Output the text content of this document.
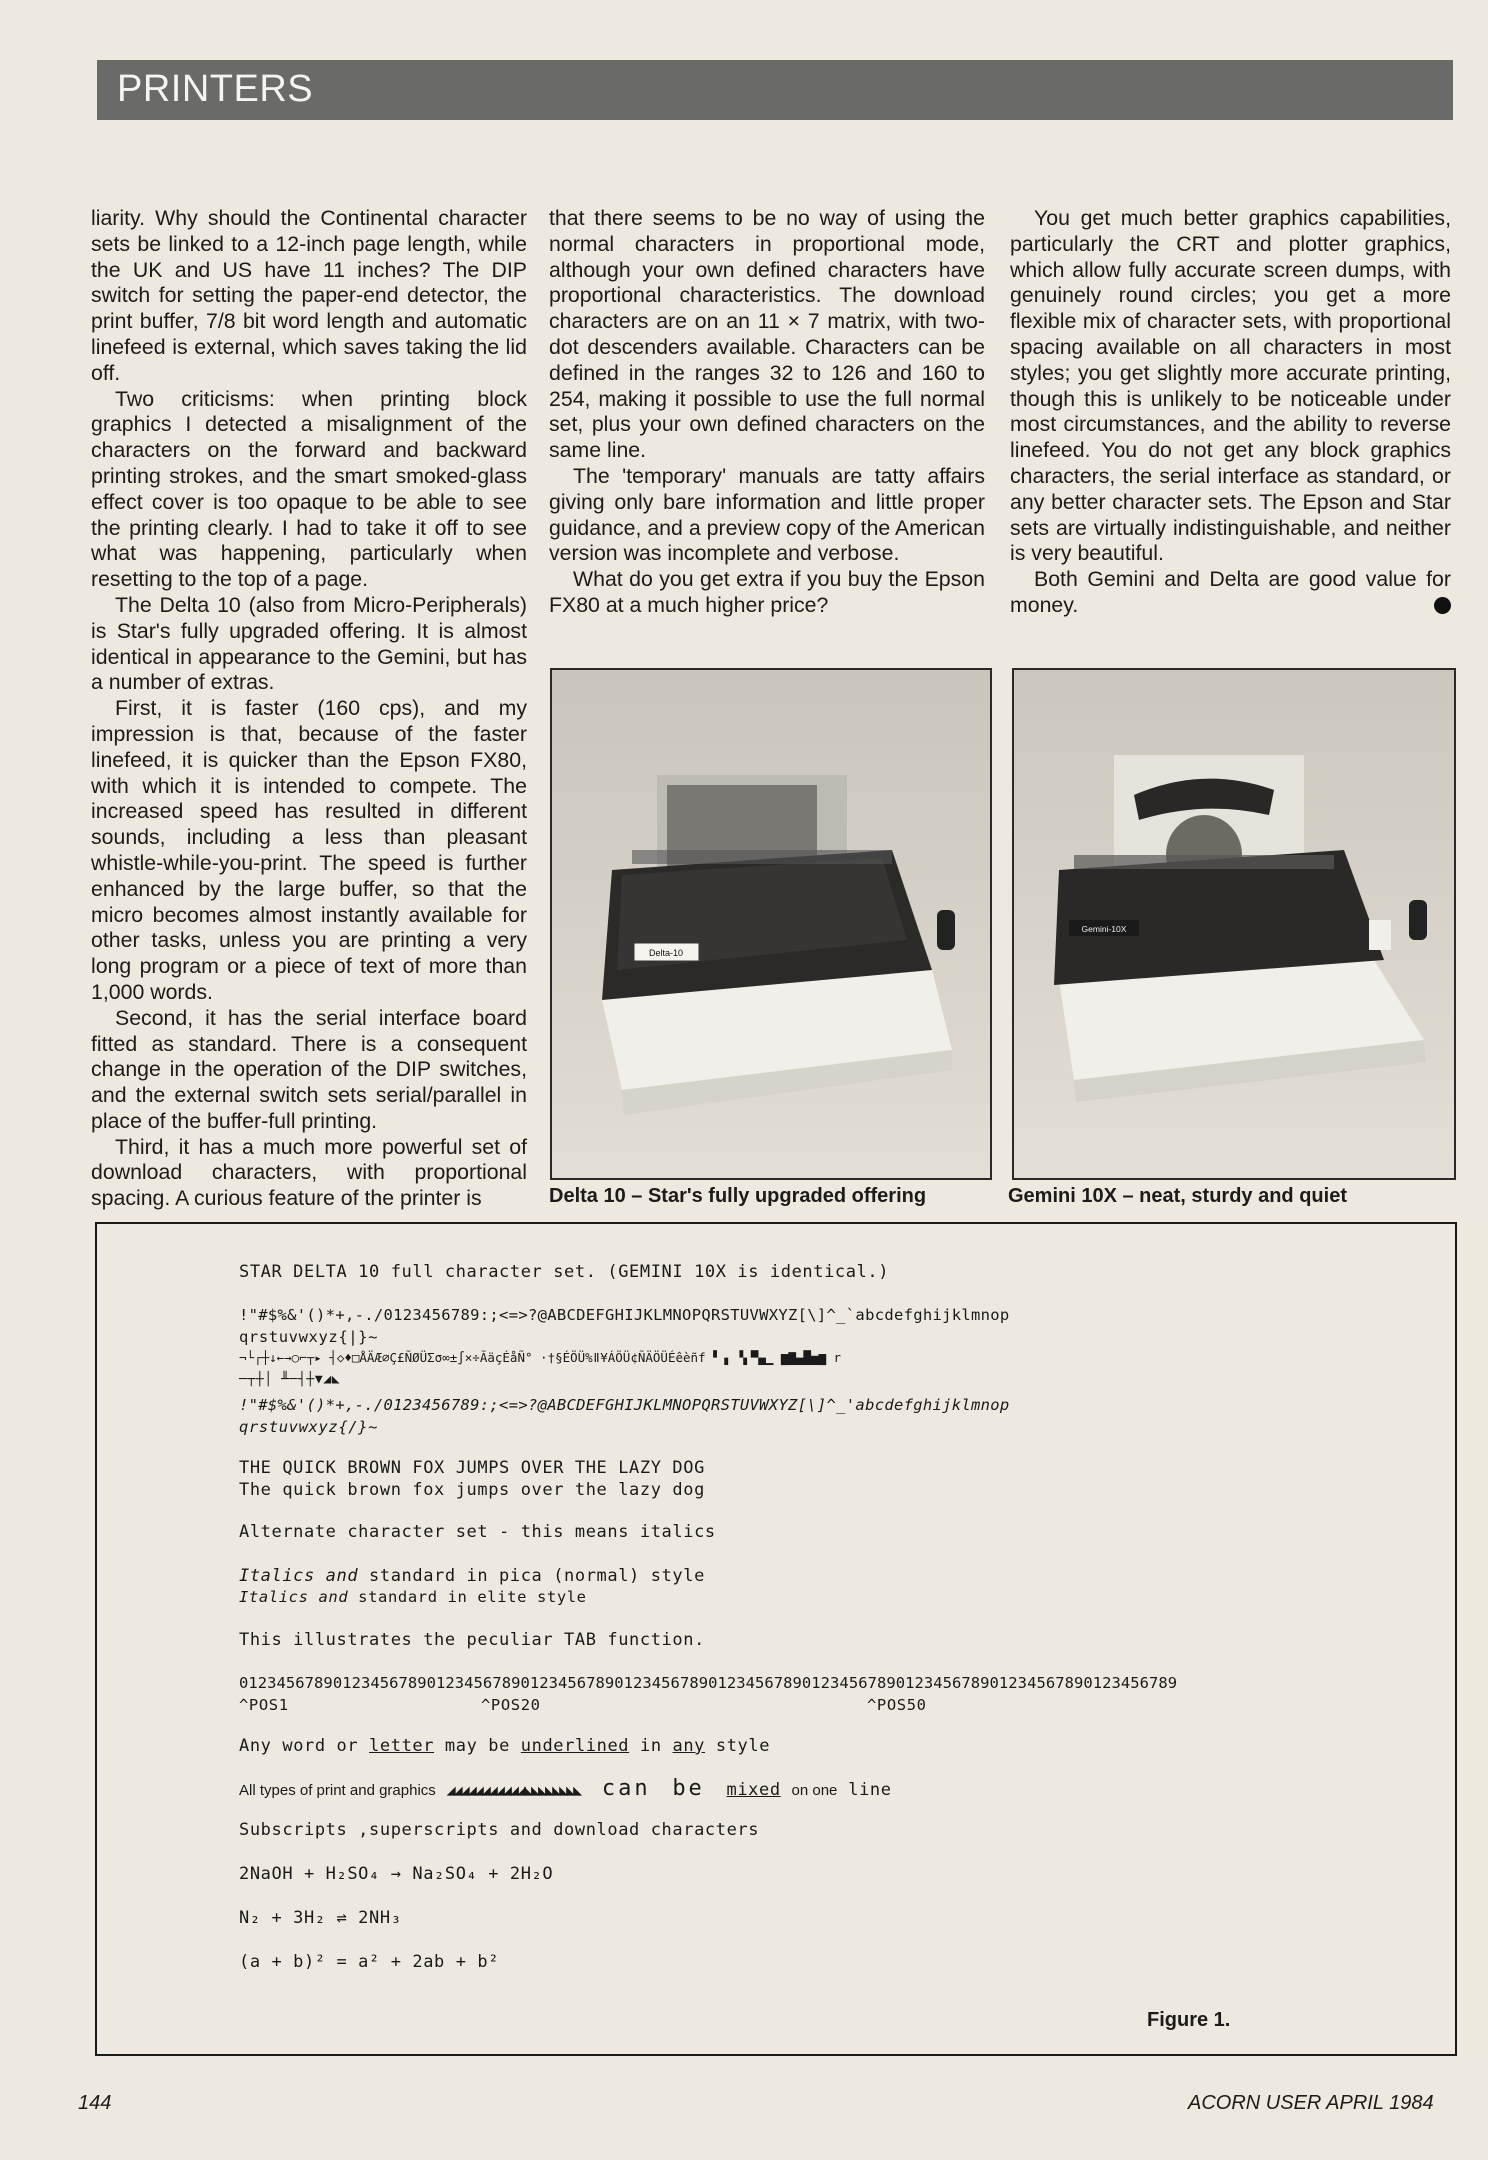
PRINTERS

liarity. Why should the Continental character sets be linked to a 12-inch page length, while the UK and US have 11 inches? The DIP switch for setting the paper-end detector, the print buffer, 7/8 bit word length and automatic linefeed is external, which saves taking the lid off.

Two criticisms: when printing block graphics I detected a misalignment of the characters on the forward and backward printing strokes, and the smart smoked-glass effect cover is too opaque to be able to see the printing clearly. I had to take it off to see what was happening, particularly when resetting to the top of a page.

The Delta 10 (also from Micro-Peripherals) is Star's fully upgraded offering. It is almost identical in appearance to the Gemini, but has a number of extras.

First, it is faster (160 cps), and my impression is that, because of the faster linefeed, it is quicker than the Epson FX80, with which it is intended to compete. The increased speed has resulted in different sounds, including a less than pleasant whistle-while-you-print. The speed is further enhanced by the large buffer, so that the micro becomes almost instantly available for other tasks, unless you are printing a very long program or a piece of text of more than 1,000 words.

Second, it has the serial interface board fitted as standard. There is a consequent change in the operation of the DIP switches, and the external switch sets serial/parallel in place of the buffer-full printing.

Third, it has a much more powerful set of download characters, with proportional spacing. A curious feature of the printer is

that there seems to be no way of using the normal characters in proportional mode, although your own defined characters have proportional characteristics. The download characters are on an 11 × 7 matrix, with two-dot descenders available. Characters can be defined in the ranges 32 to 126 and 160 to 254, making it possible to use the full normal set, plus your own defined characters on the same line.

The 'temporary' manuals are tatty affairs giving only bare information and little proper guidance, and a preview copy of the American version was incomplete and verbose.

What do you get extra if you buy the Epson FX80 at a much higher price?

You get much better graphics capabilities, particularly the CRT and plotter graphics, which allow fully accurate screen dumps, with genuinely round circles; you get a more flexible mix of character sets, with proportional spacing available on all characters in most styles; you get slightly more accurate printing, though this is unlikely to be noticeable under most circumstances, and the ability to reverse linefeed. You do not get any block graphics characters, the serial interface as standard, or any better character sets. The Epson and Star sets are virtually indistinguishable, and neither is very beautiful.

Both Gemini and Delta are good value for money.

Delta-10
Gemini-10X
Delta 10 – Star's fully upgraded offering	Gemini 10X – neat, sturdy and quiet
STAR DELTA 10 full character set. (GEMINI 10X is identical.)
!"#$%&'()*+,-./0123456789:;<=>?@ABCDEFGHIJKLMNOPQRSTUVWXYZ[\]^_`abcdefghijklmnop
qrstuvwxyz{|}~
¬└┌┼↓←→○⌐┬▸ ┤◇♦□ÅÄÆ∅Ç£ÑØÜΣσ∞±∫×÷ÃäçÉåÑ° ·†§ÉÖÜ%ǁ¥ÁÖÜ¢ÑÄÖÜÉêèñf ▘▗ ▝▖▀▄▁ ▆▇▄█▅▆ r
─┬┼│ ╨─┤┼▼◢◣
!"#$%&'()*+,-./0123456789:;<=>?@ABCDEFGHIJKLMNOPQRSTUVWXYZ[\]^_'abcdefghijklmnop
qrstuvwxyz{/}~
THE QUICK BROWN FOX JUMPS OVER THE LAZY DOG
The quick brown fox jumps over the lazy dog
Alternate character set - this means italics
Italics and standard in pica (normal) style
Italics and standard in elite style
This illustrates the peculiar TAB function.
0123456789012345678901234567890123456789012345678901234567890123456789012345678901234567890123456789
^POS1	^POS20	^POS50
Any word or letter may be underlined in any style
All types of print and graphics ◢◢◢◢◢◢◢◢◢◢◢◣◣◣◣◣◣◣◣ can be mixed on one line
Subscripts ,superscripts and download characters
2NaOH + H₂SO₄ → Na₂SO₄ + 2H₂O
N₂ + 3H₂ ⇌ 2NH₃
(a + b)² = a² + 2ab + b²
Figure 1.
144	ACORN USER APRIL 1984
